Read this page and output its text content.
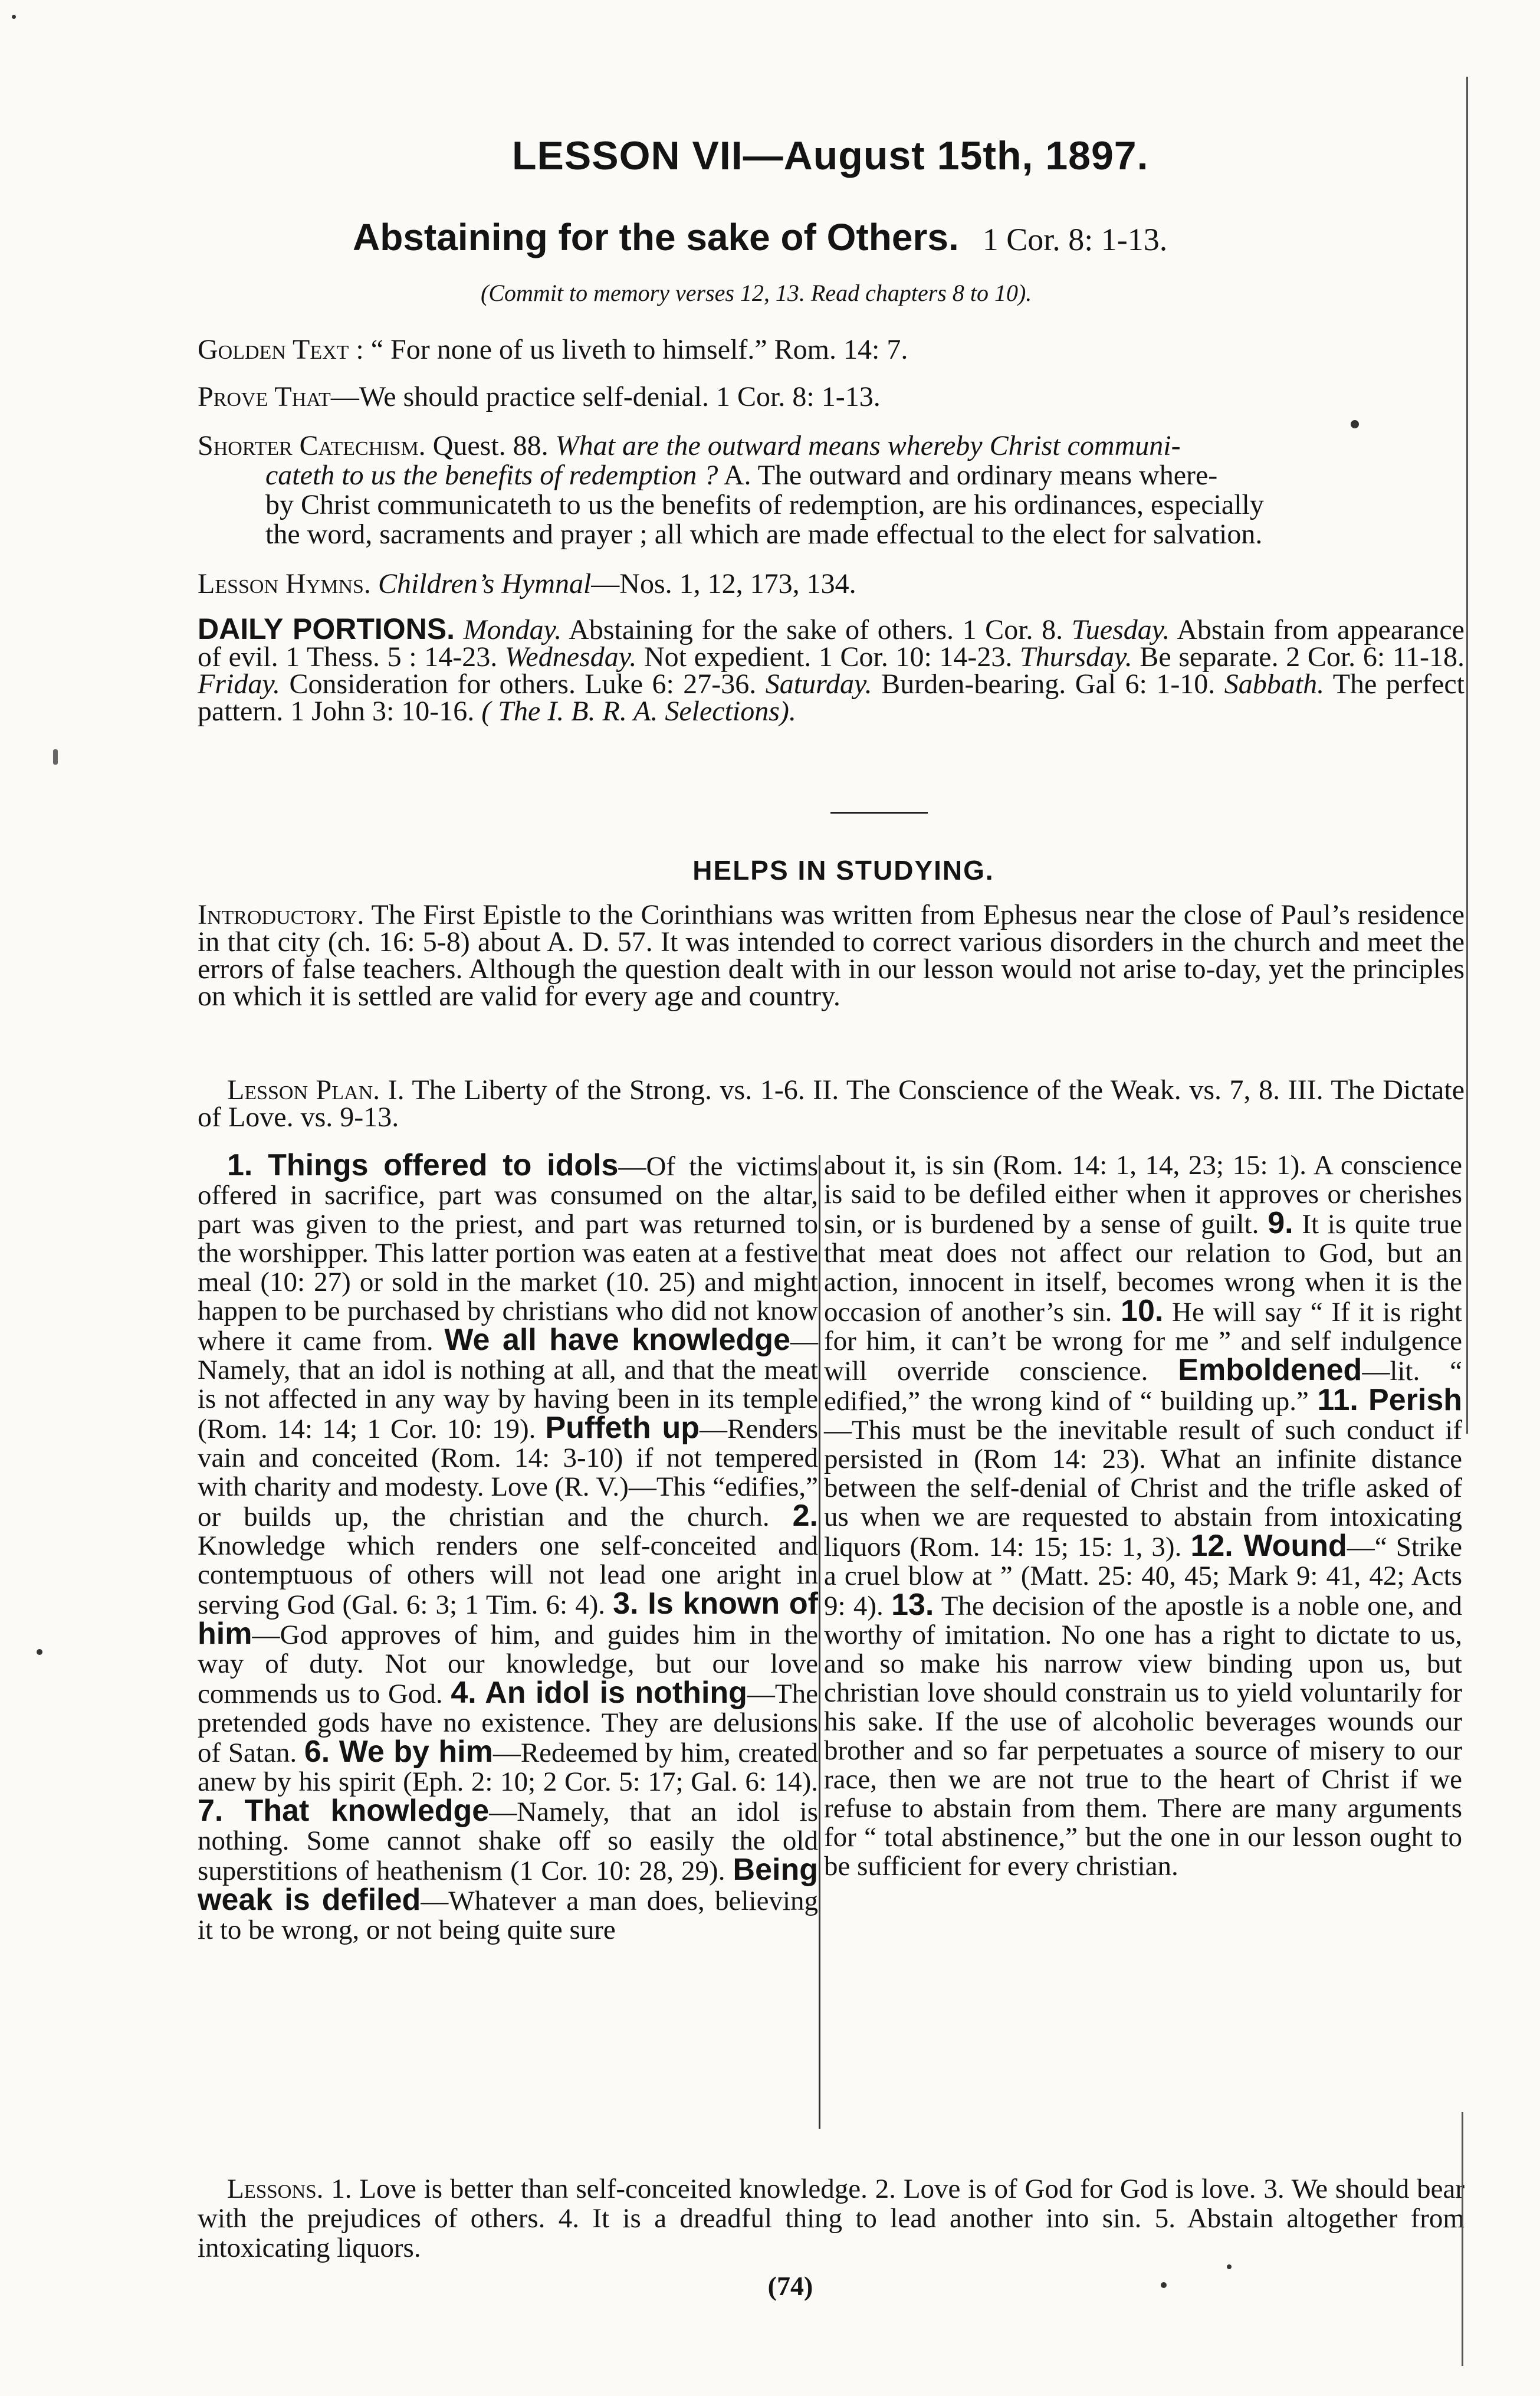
LESSON VII—August 15th, 1897.
Abstaining for the sake of Others. 1 Cor. 8: 1-13.
(Commit to memory verses 12, 13. Read chapters 8 to 10).
Golden Text : “ For none of us liveth to himself.” Rom. 14: 7.
Prove That—We should practice self-denial. 1 Cor. 8: 1-13.
Shorter Catechism. Quest. 88. What are the outward means whereby Christ communi-
cateth to us the benefits of redemption ? A. The outward and ordinary means where-
by Christ communicateth to us the benefits of redemption, are his ordinances, especially
the word, sacraments and prayer ; all which are made effectual to the elect for salvation.
Lesson Hymns. Children’s Hymnal—Nos. 1, 12, 173, 134.

DAILY PORTIONS. Monday. Abstaining for the sake of others. 1 Cor. 8. Tuesday. Abstain from appearance of evil. 1 Thess. 5 : 14-23. Wednesday. Not expedient. 1 Cor. 10: 14-23. Thursday. Be separate. 2 Cor. 6: 11-18. Friday. Consideration for others. Luke 6: 27-36. Saturday. Burden-bearing. Gal 6: 1-10. Sabbath. The perfect pattern. 1 John 3: 10-16. ( The I. B. R. A. Selections).

HELPS IN STUDYING.

Introductory. The First Epistle to the Corinthians was written from Ephesus near the close of Paul’s residence in that city (ch. 16: 5-8) about A. D. 57. It was intended to correct various disorders in the church and meet the errors of false teachers. Although the question dealt with in our lesson would not arise to-day, yet the principles on which it is settled are valid for every age and country.

Lesson Plan. I. The Liberty of the Strong. vs. 1-6. II. The Conscience of the Weak. vs. 7, 8. III. The Dictate of Love. vs. 9-13.

1. Things offered to idols—Of the victims offered in sacrifice, part was consumed on the altar, part was given to the priest, and part was returned to the worshipper. This latter portion was eaten at a festive meal (10: 27) or sold in the market (10. 25) and might happen to be purchased by christians who did not know where it came from. We all have knowledge—Namely, that an idol is nothing at all, and that the meat is not affected in any way by having been in its temple (Rom. 14: 14; 1 Cor. 10: 19). Puffeth up—Renders vain and conceited (Rom. 14: 3-10) if not tempered with charity and modesty. Love (R. V.)—This “edifies,” or builds up, the christian and the church. 2. Knowledge which renders one self-conceited and contemptuous of others will not lead one aright in serving God (Gal. 6: 3; 1 Tim. 6: 4). 3. Is known of him—God approves of him, and guides him in the way of duty. Not our knowledge, but our love commends us to God. 4. An idol is nothing—The pretended gods have no existence. They are delusions of Satan. 6. We by him—Redeemed by him, created anew by his spirit (Eph. 2: 10; 2 Cor. 5: 17; Gal. 6: 14). 7. That knowledge—Namely, that an idol is nothing. Some cannot shake off so easily the old superstitions of heathenism (1 Cor. 10: 28, 29). Being weak is defiled—Whatever a man does, believing it to be wrong, or not being quite sure
about it, is sin (Rom. 14: 1, 14, 23; 15: 1). A conscience is said to be defiled either when it approves or cherishes sin, or is burdened by a sense of guilt. 9. It is quite true that meat does not affect our relation to God, but an action, innocent in itself, becomes wrong when it is the occasion of another’s sin. 10. He will say “ If it is right for him, it can’t be wrong for me ” and self indulgence will override conscience. Emboldened—lit. “ edified,” the wrong kind of “ building up.” 11. Perish—This must be the inevitable result of such conduct if persisted in (Rom 14: 23). What an infinite distance between the self-denial of Christ and the trifle asked of us when we are requested to abstain from intoxicating liquors (Rom. 14: 15; 15: 1, 3). 12. Wound—“ Strike a cruel blow at ” (Matt. 25: 40, 45; Mark 9: 41, 42; Acts 9: 4). 13. The decision of the apostle is a noble one, and worthy of imitation. No one has a right to dictate to us, and so make his narrow view binding upon us, but christian love should constrain us to yield voluntarily for his sake. If the use of alcoholic beverages wounds our brother and so far perpetuates a source of misery to our race, then we are not true to the heart of Christ if we refuse to abstain from them. There are many arguments for “ total abstinence,” but the one in our lesson ought to be sufficient for every christian.
Lessons. 1. Love is better than self-conceited knowledge. 2. Love is of God for God is love. 3. We should bear with the prejudices of others. 4. It is a dreadful thing to lead another into sin. 5. Abstain altogether from intoxicating liquors.
(74)
